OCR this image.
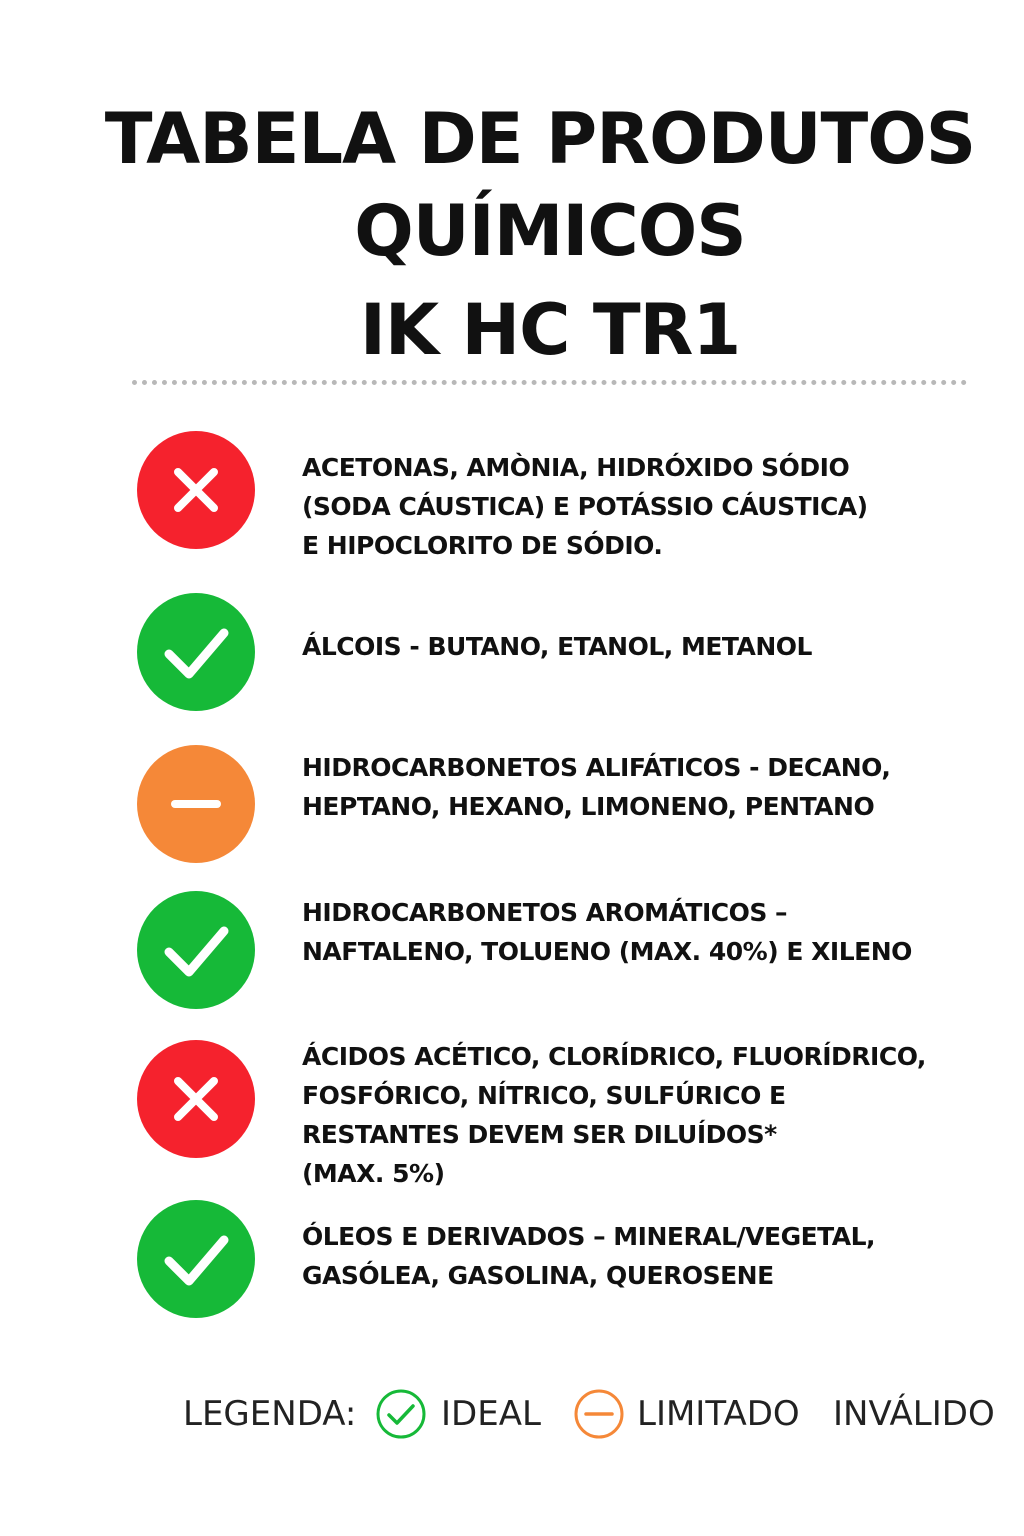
TABELA DE PRODUTOS
QUÍMICOS
IK HC TR1
ACETONAS, AMÒNIA, HIDRÓXIDO SÓDIO
(SODA CÁUSTICA) E POTÁSSIO CÁUSTICA)
E HIPOCLORITO DE SÓDIO.
ÁLCOIS - BUTANO, ETANOL, METANOL
HIDROCARBONETOS ALIFÁTICOS - DECANO,
HEPTANO, HEXANO, LIMONENO, PENTANO
HIDROCARBONETOS AROMÁTICOS –
NAFTALENO, TOLUENO (MAX. 40%) E XILENO
ÁCIDOS ACÉTICO, CLORÍDRICO, FLUORÍDRICO,
FOSFÓRICO, NÍTRICO, SULFÚRICO E
RESTANTES DEVEM SER DILUÍDOS*
(MAX. 5%)
ÓLEOS E DERIVADOS – MINERAL/VEGETAL,
GASÓLEA, GASOLINA, QUEROSENE
LEGENDA: IDEAL	LIMITADO INVÁLIDO
